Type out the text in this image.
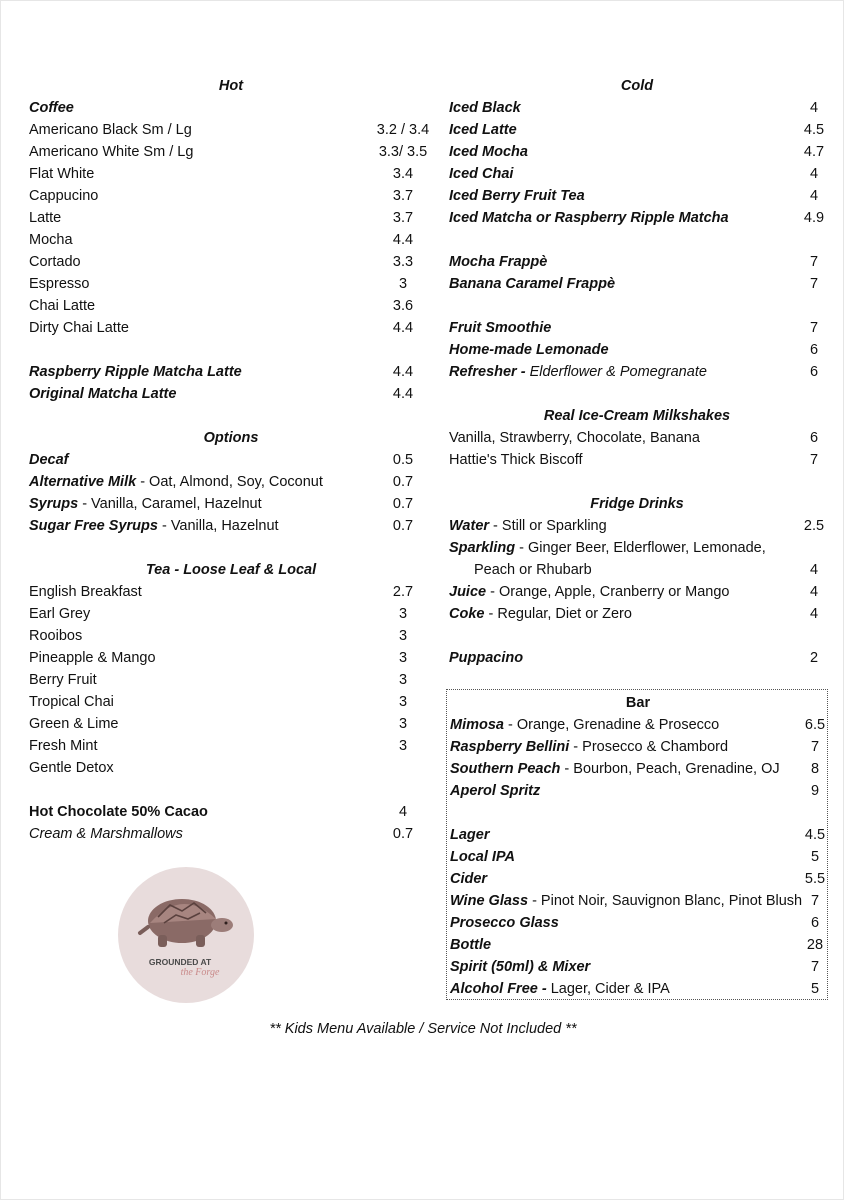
Hot
Coffee
Americano Black Sm / Lg	3.2 / 3.4
Americano White Sm / Lg	3.3/ 3.5
Flat White	3.4
Cappucino	3.7
Latte	3.7
Mocha	4.4
Cortado	3.3
Espresso	3
Chai Latte	3.6
Dirty Chai Latte	4.4
Raspberry Ripple Matcha Latte	4.4
Original Matcha Latte	4.4
Options
Decaf	0.5
Alternative Milk - Oat, Almond, Soy, Coconut	0.7
Syrups - Vanilla, Caramel, Hazelnut	0.7
Sugar Free Syrups - Vanilla, Hazelnut	0.7
Tea - Loose Leaf & Local
English Breakfast	2.7
Earl Grey	3
Rooibos	3
Pineapple & Mango	3
Berry Fruit	3
Tropical Chai	3
Green & Lime	3
Fresh Mint	3
Gentle Detox
Hot Chocolate 50% Cacao	4
Cream & Marshmallows	0.7
GROUNDED AT
the Forge
Cold
Iced Black	4
Iced Latte	4.5
Iced Mocha	4.7
Iced Chai	4
Iced Berry Fruit Tea	4
Iced Matcha or Raspberry Ripple Matcha	4.9
Mocha Frappè	7
Banana Caramel Frappè	7
Fruit Smoothie	7
Home-made Lemonade	6
Refresher - Elderflower & Pomegranate	6
Real Ice-Cream Milkshakes
Vanilla, Strawberry, Chocolate, Banana	6
Hattie's Thick Biscoff	7
Fridge Drinks
Water - Still or Sparkling	2.5
Sparkling - Ginger Beer, Elderflower, Lemonade,
Peach or Rhubarb	4
Juice - Orange, Apple, Cranberry or Mango	4
Coke - Regular, Diet or Zero	4
Puppacino	2
Bar
Mimosa - Orange, Grenadine & Prosecco	6.5
Raspberry Bellini - Prosecco & Chambord	7
Southern Peach - Bourbon, Peach, Grenadine, OJ	8
Aperol Spritz	9
Lager	4.5
Local IPA	5
Cider	5.5
Wine Glass - Pinot Noir, Sauvignon Blanc, Pinot Blush 7
Prosecco Glass	6
Bottle	28
Spirit (50ml) & Mixer	7
Alcohol Free - Lager, Cider & IPA	5
** Kids Menu Available / Service Not Included **
